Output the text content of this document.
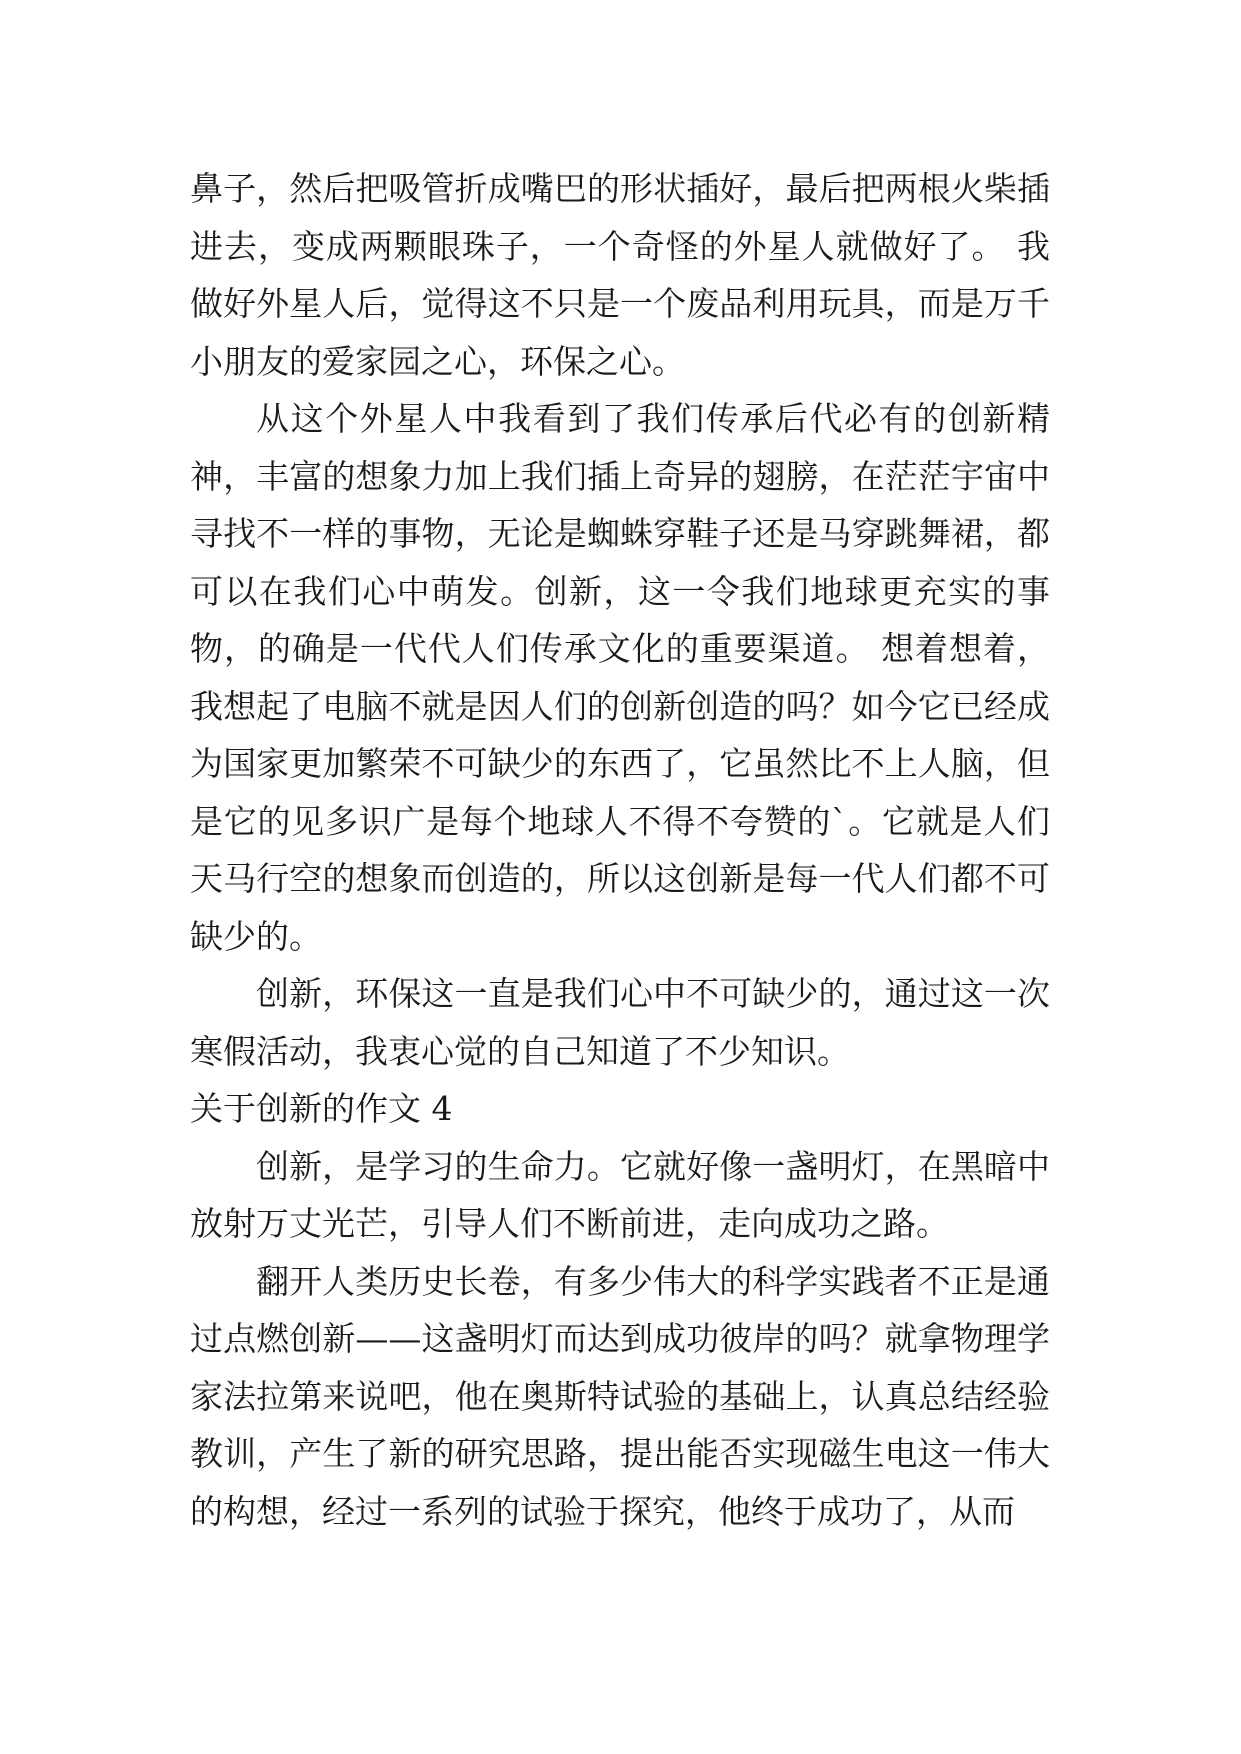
鼻子，然后把吸管折成嘴巴的形状插好，最后把两根火柴插进去，变成两颗眼珠子，一个奇怪的外星人就做好了。 我做好外星人后，觉得这不只是一个废品利用玩具，而是万千小朋友的爱家园之心，环保之心。

从这个外星人中我看到了我们传承后代必有的创新精神，丰富的想象力加上我们插上奇异的翅膀，在茫茫宇宙中寻找不一样的事物，无论是蜘蛛穿鞋子还是马穿跳舞裙，都可以在我们心中萌发。创新，这一令我们地球更充实的事物，的确是一代代人们传承文化的重要渠道。 想着想着，我想起了电脑不就是因人们的创新创造的吗？如今它已经成为国家更加繁荣不可缺少的东西了，它虽然比不上人脑，但是它的见多识广是每个地球人不得不夸赞的`。它就是人们天马行空的想象而创造的，所以这创新是每一代人们都不可缺少的。

创新，环保这一直是我们心中不可缺少的，通过这一次寒假活动，我衷心觉的自己知道了不少知识。

关于创新的作文 4

创新，是学习的生命力。它就好像一盏明灯，在黑暗中放射万丈光芒，引导人们不断前进，走向成功之路。

翻开人类历史长卷，有多少伟大的科学实践者不正是通过点燃创新——这盏明灯而达到成功彼岸的吗？就拿物理学家法拉第来说吧，他在奥斯特试验的基础上，认真总结经验教训，产生了新的研究思路，提出能否实现磁生电这一伟大的构想，经过一系列的试验于探究，他终于成功了，从而
